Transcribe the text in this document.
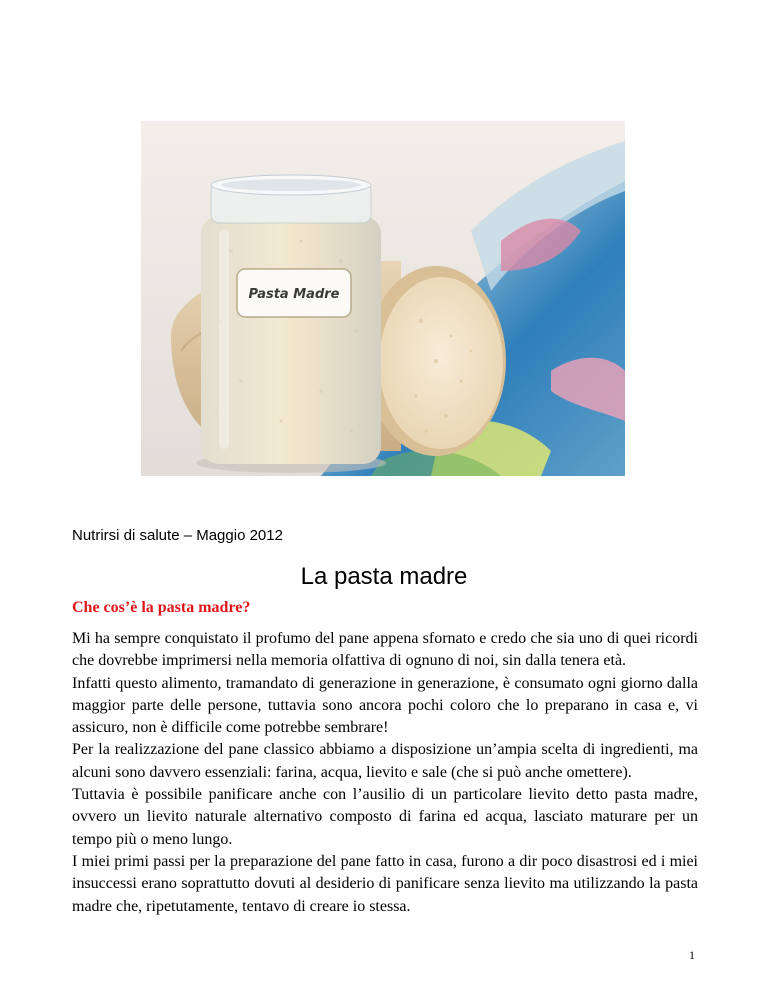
Pasta Madre

Nutrirsi di salute – Maggio 2012

La pasta madre
Che cos’è la pasta madre?
Mi ha sempre conquistato il profumo del pane appena sfornato e credo che sia uno di quei ricordi che dovrebbe imprimersi nella memoria olfattiva di ognuno di noi, sin dalla tenera età.
Infatti questo alimento, tramandato di generazione in generazione, è consumato ogni giorno dalla maggior parte delle persone, tuttavia sono ancora pochi coloro che lo preparano in casa e, vi assicuro, non è difficile come potrebbe sembrare!
Per la realizzazione del pane classico abbiamo a disposizione un’ampia scelta di ingredienti, ma alcuni sono davvero essenziali: farina, acqua, lievito e sale (che si può anche omettere).
Tuttavia è possibile panificare anche con l’ausilio di un particolare lievito detto pasta madre, ovvero un lievito naturale alternativo composto di farina ed acqua, lasciato maturare per un tempo più o meno lungo.
I miei primi passi per la preparazione del pane fatto in casa, furono a dir poco disastrosi ed i miei insuccessi erano soprattutto dovuti al desiderio di panificare senza lievito ma utilizzando la pasta madre che, ripetutamente, tentavo di creare io stessa.

1
